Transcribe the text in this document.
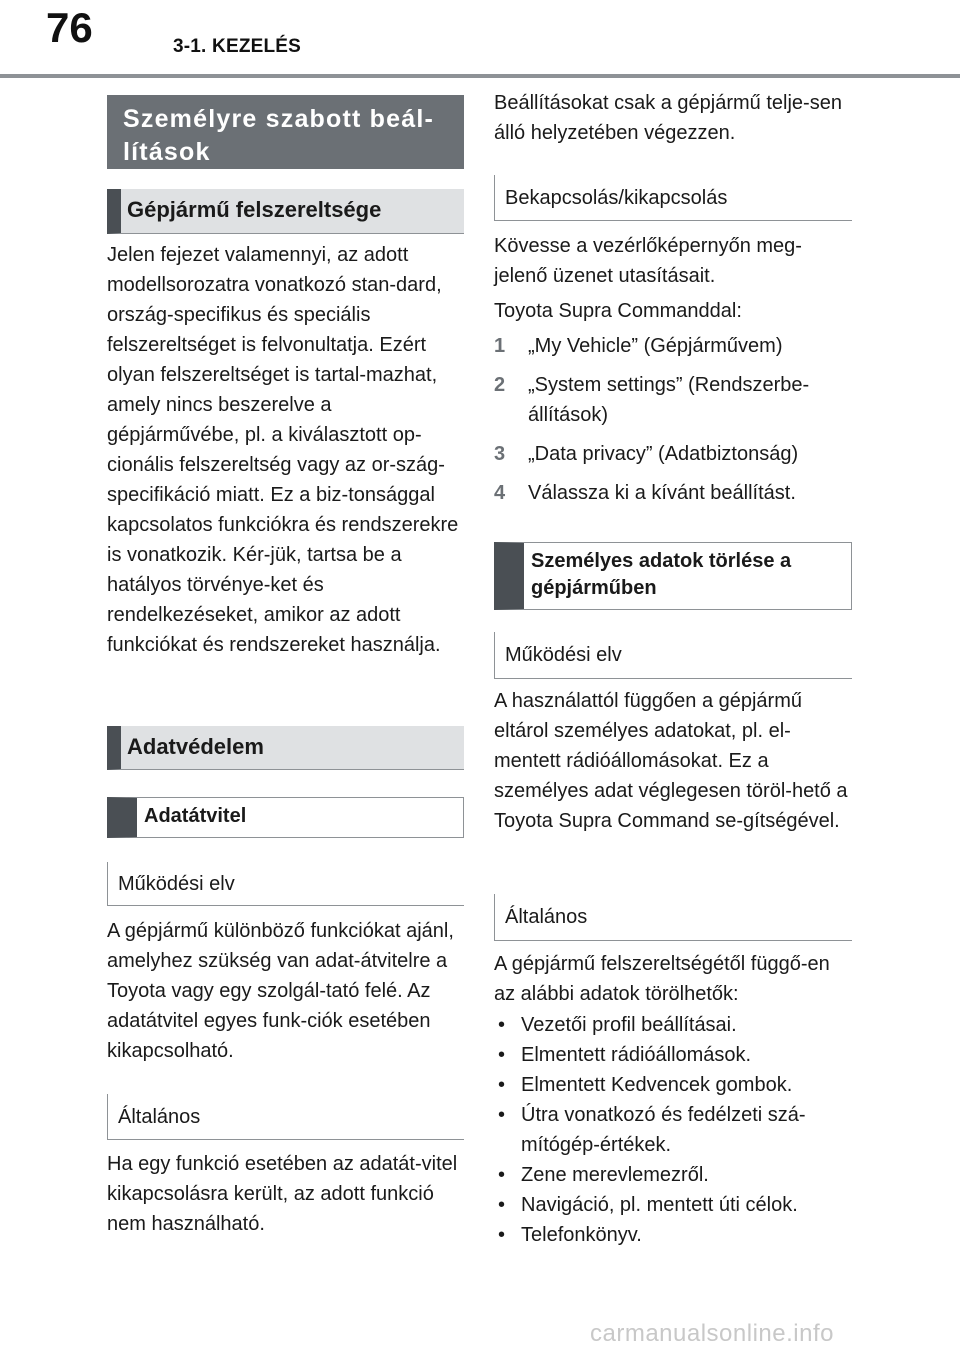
76	3-1. KEZELÉS
Személyre szabott beál-
lítások
Gépjármű felszereltsége

Jelen fejezet valamennyi, az adott modellsorozatra vonatkozó stan-dard, ország-specifikus és speciális felszereltséget is felvonultatja. Ezért olyan felszereltséget is tartal-mazhat, amely nincs beszerelve a gépjárművébe, pl. a kiválasztott op-cionális felszereltség vagy az or-szág-specifikáció miatt. Ez a biz-tonsággal kapcsolatos funkciókra és rendszerekre is vonatkozik. Kér-jük, tartsa be a hatályos törvénye-ket és rendelkezéseket, amikor az adott funkciókat és rendszereket használja.

Adatvédelem
Adatátvitel
Működési elv

A gépjármű különböző funkciókat ajánl, amelyhez szükség van adat-átvitelre a Toyota vagy egy szolgál-tató felé. Az adatátvitel egyes funk-ciók esetében kikapcsolható.

Általános

Ha egy funkció esetében az adatát-vitel kikapcsolásra került, az adott funkció nem használható.

Beállításokat csak a gépjármű telje-sen álló helyzetében végezzen.

Bekapcsolás/kikapcsolás

Kövesse a vezérlőképernyőn meg-jelenő üzenet utasításait.

Toyota Supra Commanddal:

1	„My Vehicle” (Gépjárművem)
2	„System settings” (Rendszerbe-állítások)
3	„Data privacy” (Adatbiztonság)
4	Válassza ki a kívánt beállítást.
Személyes adatok törlése a gépjárműben
Működési elv

A használattól függően a gépjármű eltárol személyes adatokat, pl. el-mentett rádióállomásokat. Ez a személyes adat véglegesen töröl-hető a Toyota Supra Command se-gítségével.

Általános

A gépjármű felszereltségétől függő-en az alábbi adatok törölhetők:

• Vezetői profil beállításai.
• Elmentett rádióállomások.
• Elmentett Kedvencek gombok.
• Útra vonatkozó és fedélzeti szá-mítógép-értékek.
• Zene merevlemezről.
• Navigáció, pl. mentett úti célok.
• Telefonkönyv.
carmanualsonline.info
